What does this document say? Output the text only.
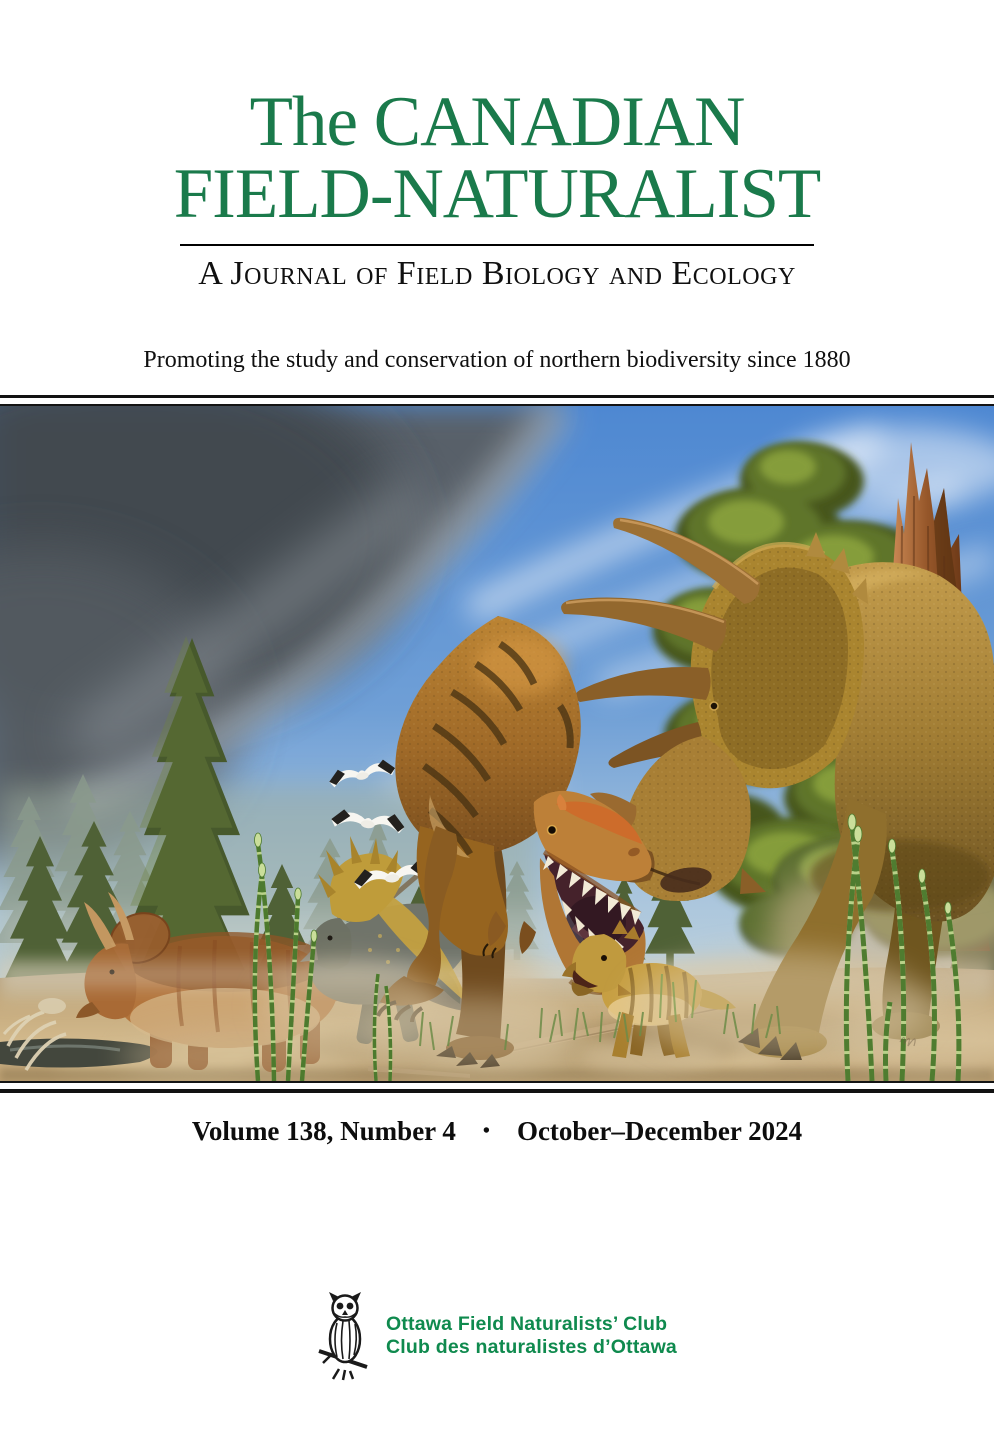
The CANADIAN
FIELD-NATURALIST
A Journal of Field Biology and Ecology
Promoting the study and conservation of northern biodiversity since 1880
Volume 138, Number 4 • October–December 2024
Ottawa Field Naturalists’ Club
Club des naturalistes d’Ottawa
